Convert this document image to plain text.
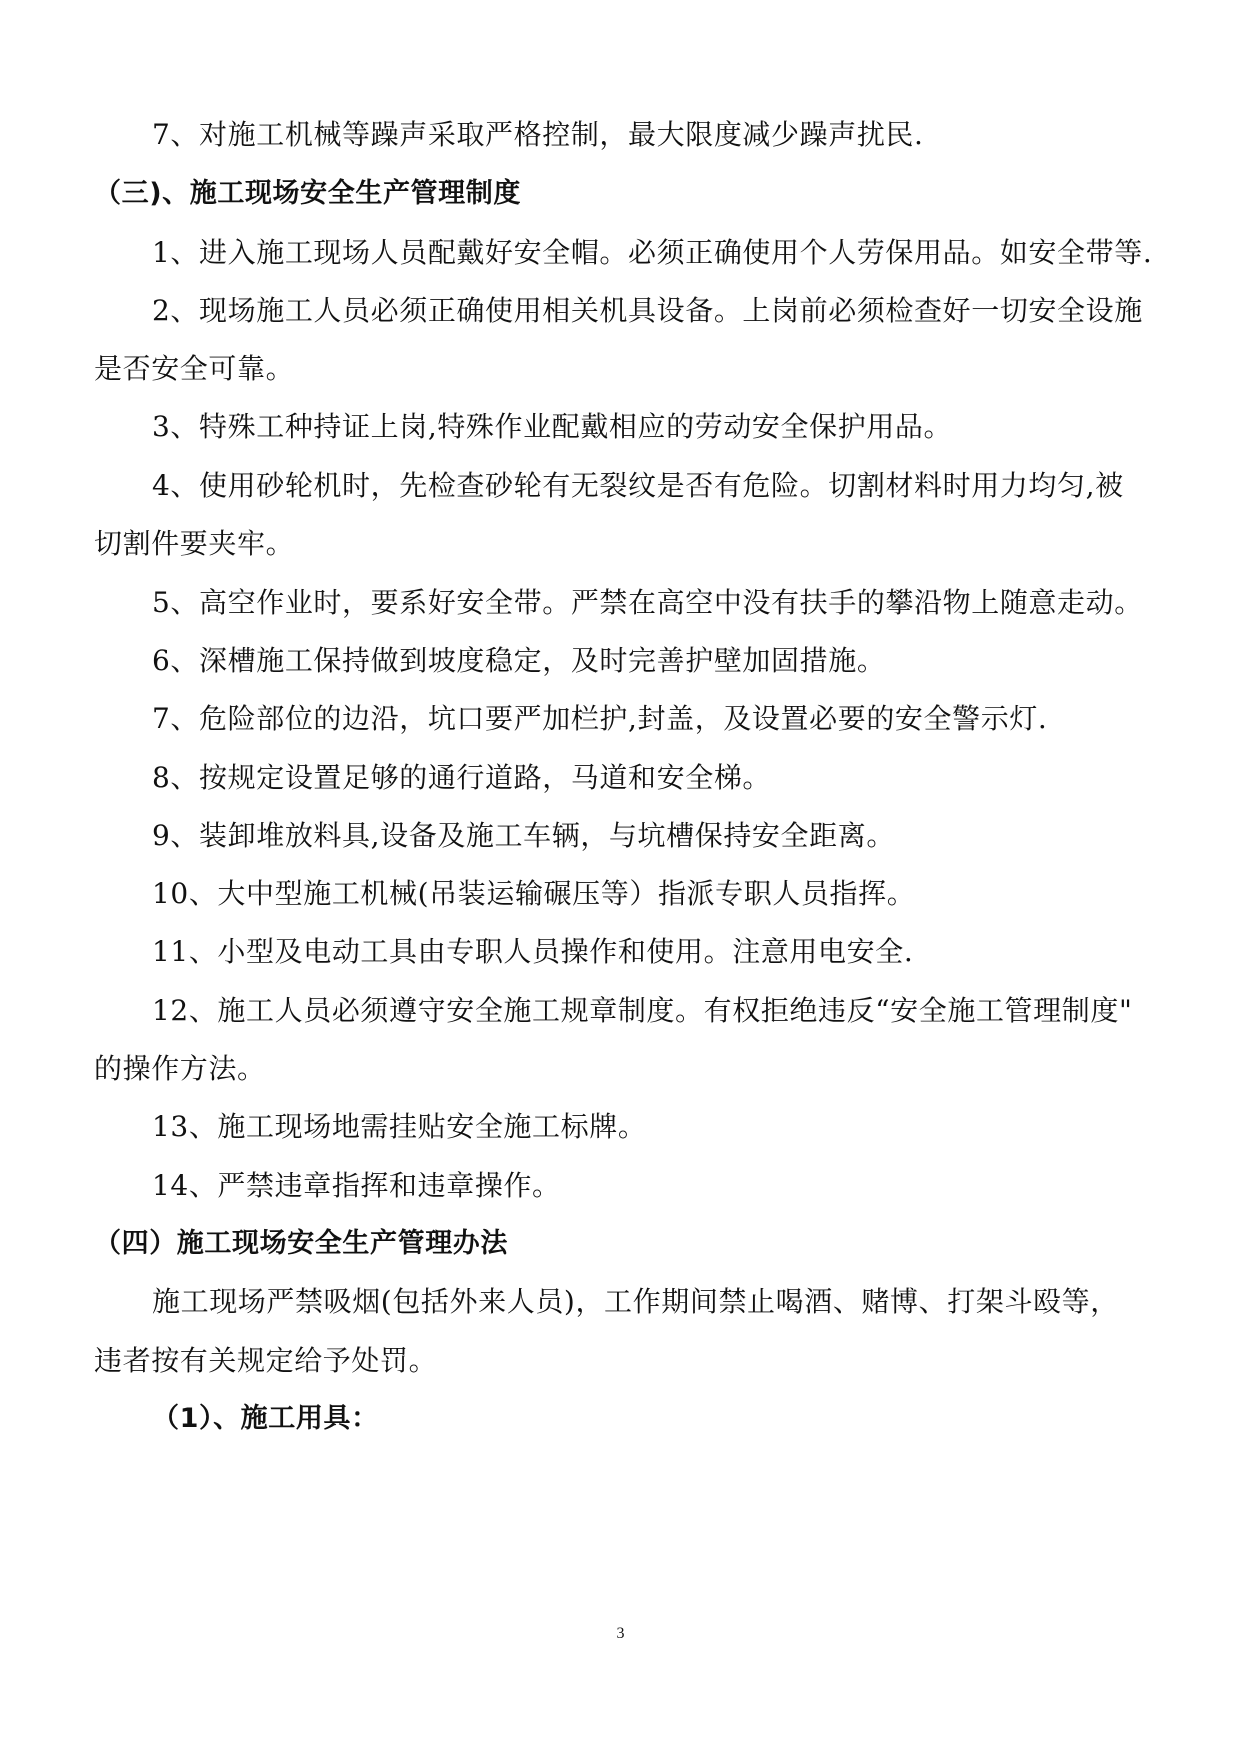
7、对施工机械等躁声采取严格控制，最大限度减少躁声扰民.
（三)、施工现场安全生产管理制度
1、进入施工现场人员配戴好安全帽。必须正确使用个人劳保用品。如安全带等.
2、现场施工人员必须正确使用相关机具设备。上岗前必须检查好一切安全设施
是否安全可靠。
3、特殊工种持证上岗,特殊作业配戴相应的劳动安全保护用品。
4、使用砂轮机时，先检查砂轮有无裂纹是否有危险。切割材料时用力均匀,被
切割件要夹牢。
5、高空作业时，要系好安全带。严禁在高空中没有扶手的攀沿物上随意走动。
6、深槽施工保持做到坡度稳定，及时完善护壁加固措施。
7、危险部位的边沿，坑口要严加栏护,封盖，及设置必要的安全警示灯.
8、按规定设置足够的通行道路，马道和安全梯。
9、装卸堆放料具,设备及施工车辆，与坑槽保持安全距离。
10、大中型施工机械(吊装运输碾压等）指派专职人员指挥。
11、小型及电动工具由专职人员操作和使用。注意用电安全.
12、施工人员必须遵守安全施工规章制度。有权拒绝违反“安全施工管理制度"
的操作方法。
13、施工现场地需挂贴安全施工标牌。
14、严禁违章指挥和违章操作。
（四）施工现场安全生产管理办法
施工现场严禁吸烟(包括外来人员)，工作期间禁止喝酒、赌博、打架斗殴等，
违者按有关规定给予处罚。
（1）、施工用具：
3
